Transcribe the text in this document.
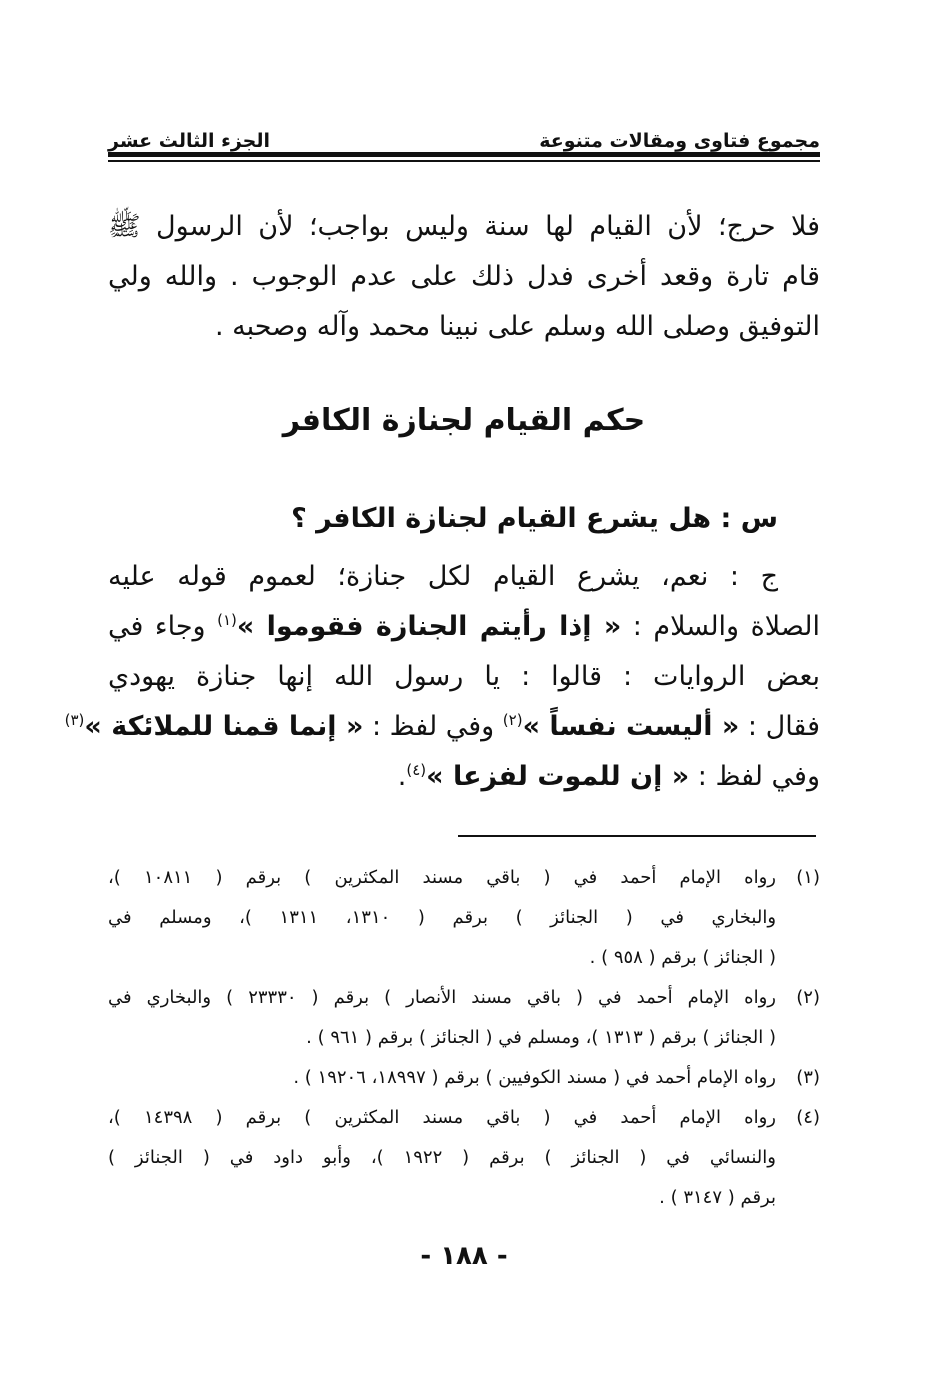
مجموع فتاوى ومقالات متنوعة
الجزء الثالث عشر
فلا حرج؛ لأن القيام لها سنة وليس بواجب؛ لأن الرسول ﷺ
قام تارة وقعد أخرى فدل ذلك على عدم الوجوب . والله ولي
التوفيق وصلى الله وسلم على نبينا محمد وآله وصحبه .
حكم القيام لجنازة الكافر
س : هل يشرع القيام لجنازة الكافر ؟
ج : نعم، يشرع القيام لكل جنازة؛ لعموم قوله عليه
الصلاة والسلام : « إذا رأيتم الجنازة فقوموا »$^{(١)}$ وجاء في
بعض الروايات : قالوا : يا رسول الله إنها جنازة يهودي
فقال : « أليست نفساً »$^{(٢)}$ وفي لفظ : « إنما قمنا للملائكة »$^{(٣)}$
وفي لفظ : « إن للموت لفزعا »$^{(٤)}$.
(١)
رواه الإمام أحمد في ( باقي مسند المكثرين ) برقم ( ١٠٨١١ )،
والبخاري في ( الجنائز ) برقم ( ١٣١٠، ١٣١١ )، ومسلم في
( الجنائز ) برقم ( ٩٥٨ ) .
(٢)
رواه الإمام أحمد في ( باقي مسند الأنصار ) برقم ( ٢٣٣٣٠ ) والبخاري في
( الجنائز ) برقم ( ١٣١٣ )، ومسلم في ( الجنائز ) برقم ( ٩٦١ ) .
(٣)
رواه الإمام أحمد في ( مسند الكوفيين ) برقم ( ١٨٩٩٧، ١٩٢٠٦ ) .
(٤)
رواه الإمام أحمد في ( باقي مسند المكثرين ) برقم ( ١٤٣٩٨ )،
والنسائي في ( الجنائز ) برقم ( ١٩٢٢ )، وأبو داود في ( الجنائز )
برقم ( ٣١٤٧ ) .
- ١٨٨ -
